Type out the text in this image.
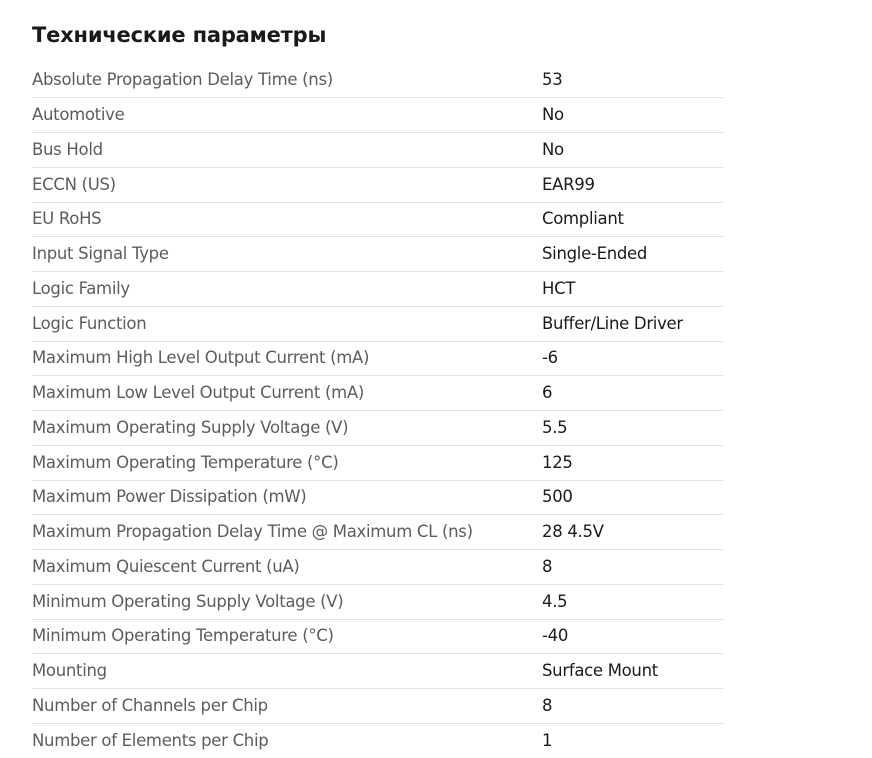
Технические параметры
Absolute Propagation Delay Time (ns)	53
Automotive	No
Bus Hold	No
ECCN (US)	EAR99
EU RoHS	Compliant
Input Signal Type	Single-Ended
Logic Family	HCT
Logic Function	Buffer/Line Driver
Maximum High Level Output Current (mA)	-6
Maximum Low Level Output Current (mA)	6
Maximum Operating Supply Voltage (V)	5.5
Maximum Operating Temperature (°C)	125
Maximum Power Dissipation (mW)	500
Maximum Propagation Delay Time @ Maximum CL (ns)	28 4.5V
Maximum Quiescent Current (uA)	8
Minimum Operating Supply Voltage (V)	4.5
Minimum Operating Temperature (°C)	-40
Mounting	Surface Mount
Number of Channels per Chip	8
Number of Elements per Chip	1
